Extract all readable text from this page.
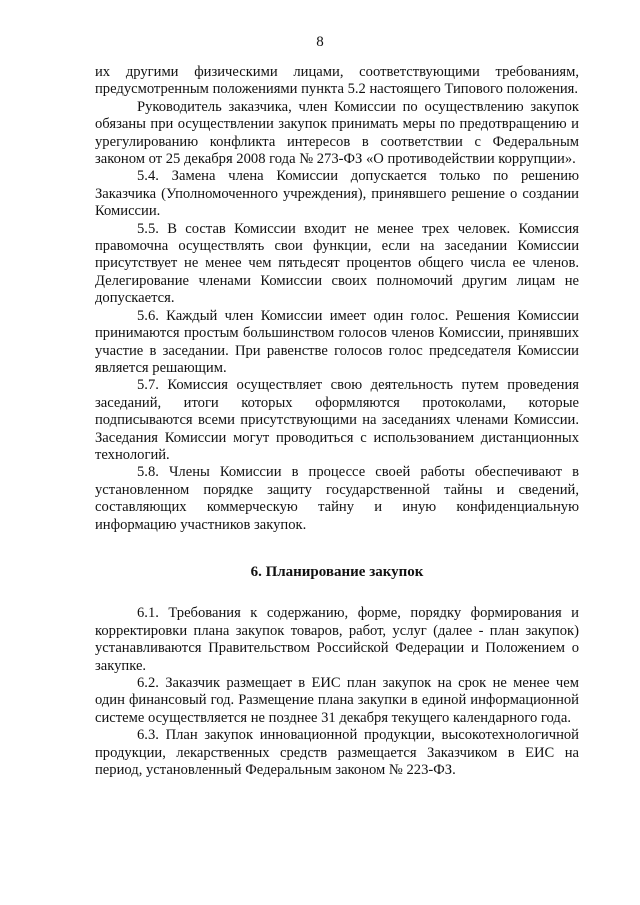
8

их другими физическими лицами, соответствующими требованиям, предусмотренным положениями пункта 5.2 настоящего Типового положения.

Руководитель заказчика, член Комиссии по осуществлению закупок обязаны при осуществлении закупок принимать меры по предотвращению и урегулированию конфликта интересов в соответствии с Федеральным законом от 25 декабря 2008 года № 273-ФЗ «О противодействии коррупции».

5.4. Замена члена Комиссии допускается только по решению Заказчика (Уполномоченного учреждения), принявшего решение о создании Комиссии.

5.5. В состав Комиссии входит не менее трех человек. Комиссия правомочна осуществлять свои функции, если на заседании Комиссии присутствует не менее чем пятьдесят процентов общего числа ее членов. Делегирование членами Комиссии своих полномочий другим лицам не допускается.

5.6. Каждый член Комиссии имеет один голос. Решения Комиссии принимаются простым большинством голосов членов Комиссии, принявших участие в заседании. При равенстве голосов голос председателя Комиссии является решающим.

5.7. Комиссия осуществляет свою деятельность путем проведения заседаний, итоги которых оформляются протоколами, которые подписываются всеми присутствующими на заседаниях членами Комиссии. Заседания Комиссии могут проводиться с использованием дистанционных технологий.

5.8. Члены Комиссии в процессе своей работы обеспечивают в установленном порядке защиту государственной тайны и сведений, составляющих коммерческую тайну и иную конфиденциальную информацию участников закупок.

6. Планирование закупок

6.1. Требования к содержанию, форме, порядку формирования и корректировки плана закупок товаров, работ, услуг (далее - план закупок) устанавливаются Правительством Российской Федерации и Положением о закупке.

6.2. Заказчик размещает в ЕИС план закупок на срок не менее чем один финансовый год. Размещение плана закупки в единой информационной системе осуществляется не позднее 31 декабря текущего календарного года.

6.3. План закупок инновационной продукции, высокотехнологичной продукции, лекарственных средств размещается Заказчиком в ЕИС на период, установленный Федеральным законом № 223-ФЗ.
